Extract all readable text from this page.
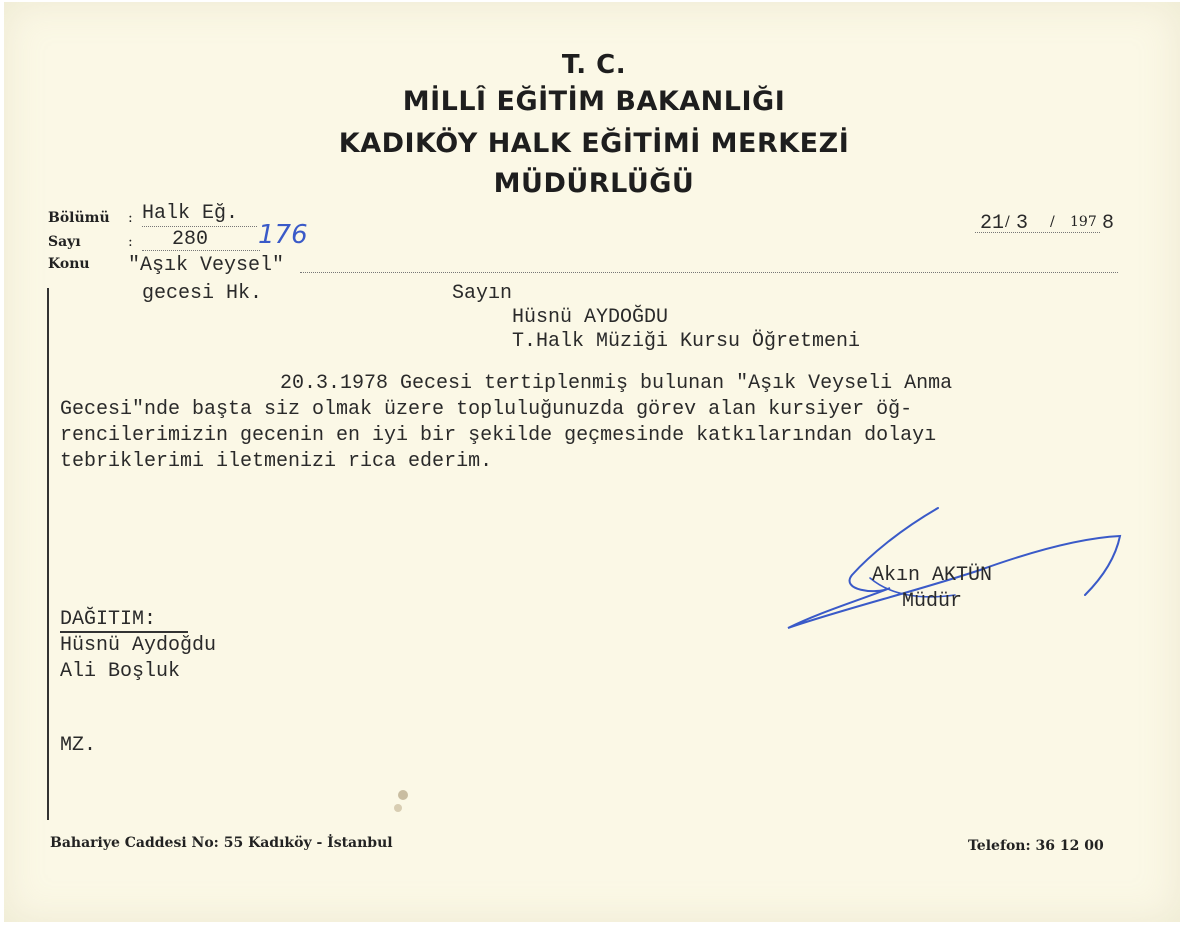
T. C.
MİLLÎ EĞİTİM BAKANLIĞI
KADIKÖY HALK EĞİTİMİ MERKEZİ
MÜDÜRLÜĞÜ
Bölümü : Halk Eğ.
Sayı	: 280 176
Konu "Aşık Veysel"
gecesi Hk.
21 / 3 / 197 8
Sayın
Hüsnü AYDOĞDU
T.Halk Müziği Kursu Öğretmeni
20.3.1978 Gecesi tertiplenmiş bulunan "Aşık Veyseli Anma
Gecesi"nde başta siz olmak üzere topluluğunuzda görev alan kursiyer öğ-
rencilerimizin gecenin en iyi bir şekilde geçmesinde katkılarından dolayı
tebriklerimi iletmenizi rica ederim.
Akın AKTÜN
Müdür
DAĞITIM:
Hüsnü Aydoğdu
Ali Boşluk
MZ.
Bahariye Caddesi No: 55 Kadıköy - İstanbul	Telefon: 36 12 00
